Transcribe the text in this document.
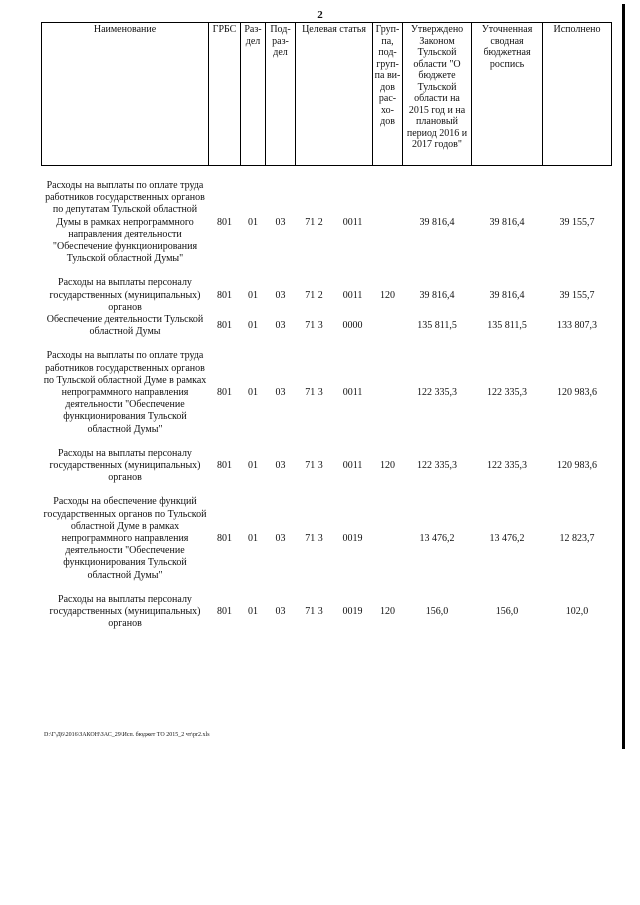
2
Наименование	ГРБС	Раз-дел	Под-раз-дел	Целевая статья		Груп-па, под-груп-па ви-дов рас-хо-дов	Утверждено Законом Тульской области "О бюджете Тульской области на 2015 год и на плановый период 2016 и 2017 годов"	Уточненная сводная бюджетная роспись	Исполнено

Расходы на выплаты по оплате труда работников государственных органов по депутатам Тульской областной Думы в рамках непрограммного направления деятельности "Обеспечение функционирования Тульской областной Думы"	801	01	03	71 2	0011		39 816,4	39 816,4	39 155,7

Расходы на выплаты персоналу государственных (муниципальных) органов	801	01	03	71 2	0011	120	39 816,4	39 816,4	39 155,7
Обеспечение деятельности Тульской областной Думы	801	01	03	71 3	0000		135 811,5	135 811,5	133 807,3

Расходы на выплаты по оплате труда работников государственных органов по Тульской областной Думе в рамках непрограммного направления деятельности "Обеспечение функционирования Тульской областной Думы"	801	01	03	71 3	0011		122 335,3	122 335,3	120 983,6

Расходы на выплаты персоналу государственных (муниципальных) органов	801	01	03	71 3	0011	120	122 335,3	122 335,3	120 983,6

Расходы на обеспечение функций государственных органов по Тульской областной Думе в рамках непрограммного направления деятельности "Обеспечение функционирования Тульской областной Думы"	801	01	03	71 3	0019		13 476,2	13 476,2	12 823,7

Расходы на выплаты персоналу государственных (муниципальных) органов	801	01	03	71 3	0019	120	156,0	156,0	102,0
D:\Г\Д6\2016\ЗАКОН\ЗАС_29\Исп. бюджет ТО 2015_2 чт\pr2.xls
